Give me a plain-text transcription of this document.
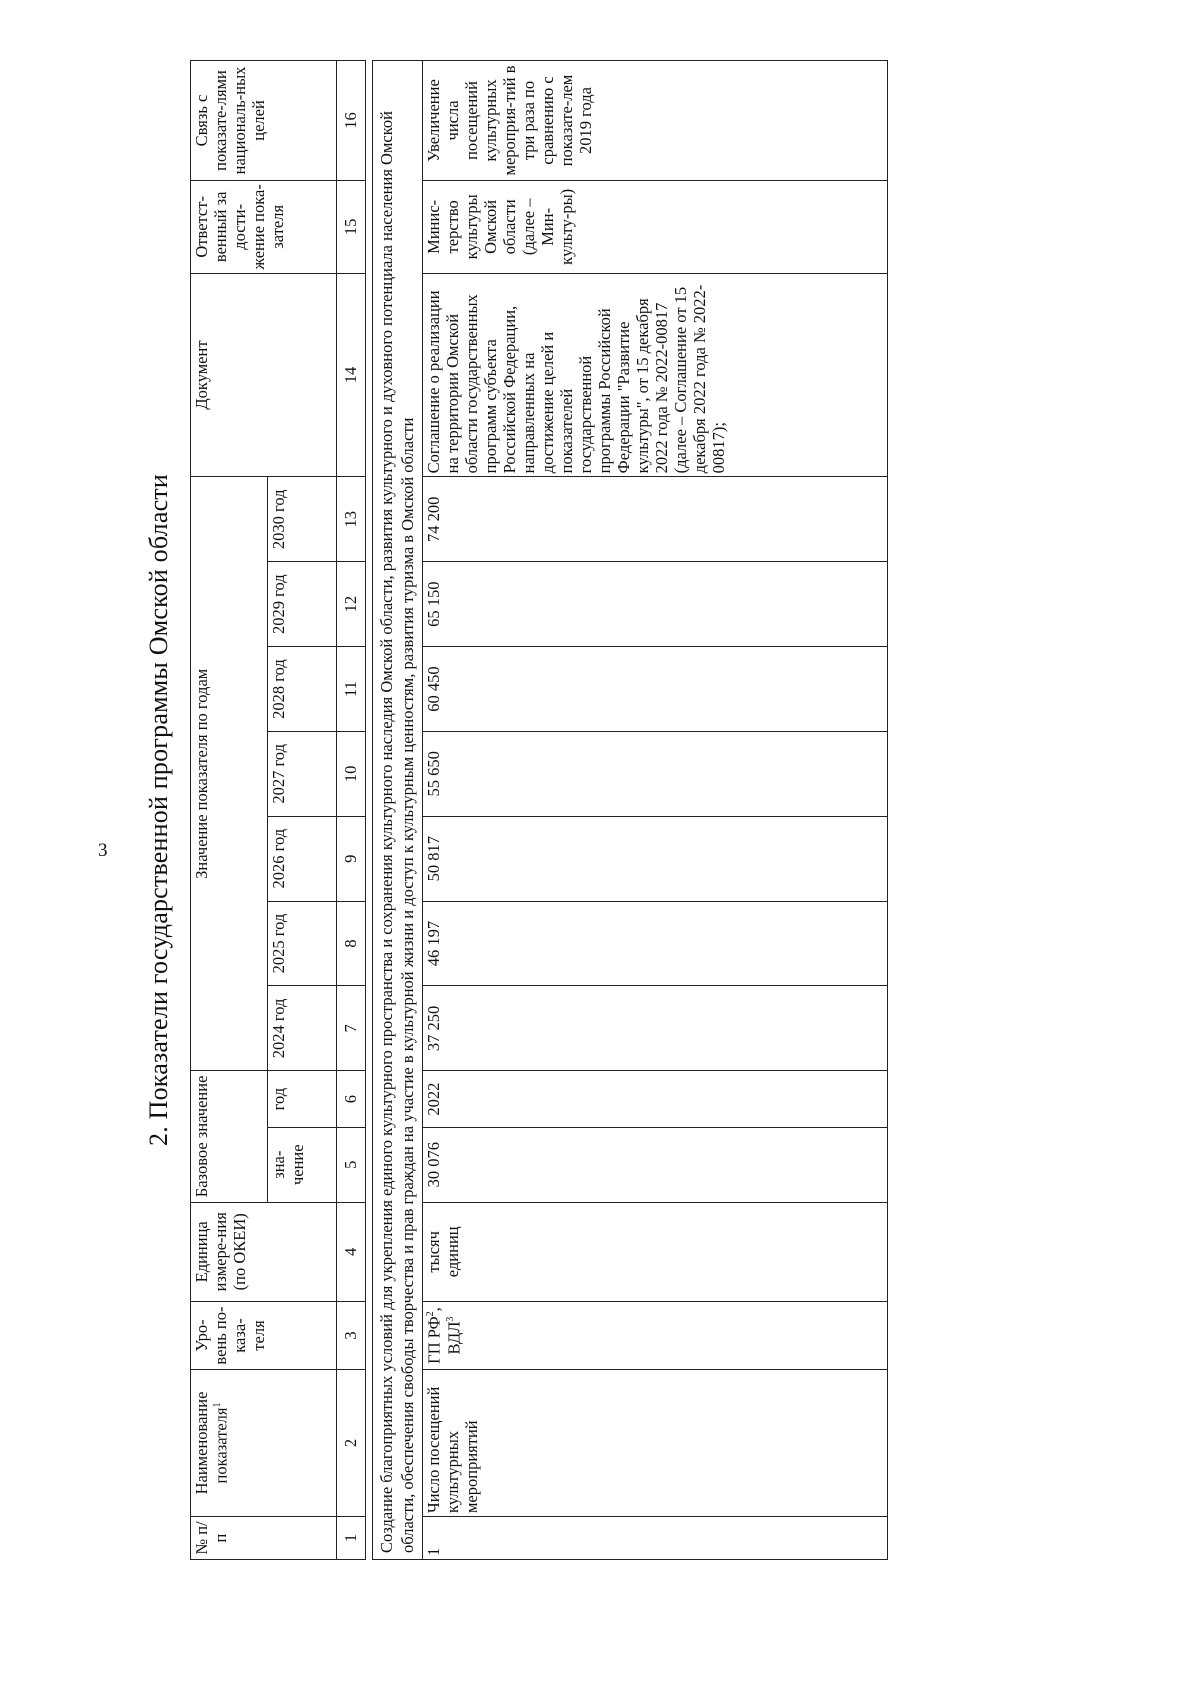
3 2. Показатели государственной программы Омской области
№ п/п	Наименование показателя$^1$	Уро-вень по-каза-теля	Единица измере-ния (по ОКЕИ)	Базовое значение		Значение показателя по годам							Документ	Ответст-венный за дости-жение пока-зателя	Связь с показате-лями националь-ных целей
				зна-чение	год	2024 год	2025 год	2026 год	2027 год	2028 год	2029 год	2030 год			
1	2	3	4	5	6	7	8	9	10	11	12	13	14	15	16

Создание благоприятных условий для укрепления единого культурного пространства и сохранения культурного наследия Омской области, развития культурного и духовного потенциала населения Омской области, обеспечения свободы творчества и прав граждан на участие в культурной жизни и доступ к культурным ценностям, развития туризма в Омской области															
1	Число посещений культурных мероприятий	ГП $РФ^2$, ВДЛ$^3$	тысяч единиц	30 076	2022	37 250	46 197	50 817	55 650	60 450	65 150	74 200	Соглашение о реализации на территории Омской области государственных программ субъекта Российской Федерации, направленных на достижение целей и показателей государственной программы Российской Федерации "Развитие культуры", от 15 декабря 2022 года № 2022-00817 (далее – Соглашение от 15 декабря 2022 года № 2022-00817);	Минис-терство культуры Омской области (далее – Мин-культу-ры)	Увеличение числа посещений культурных мероприя-тий в три раза по сравнению с показате-лем 2019 года
